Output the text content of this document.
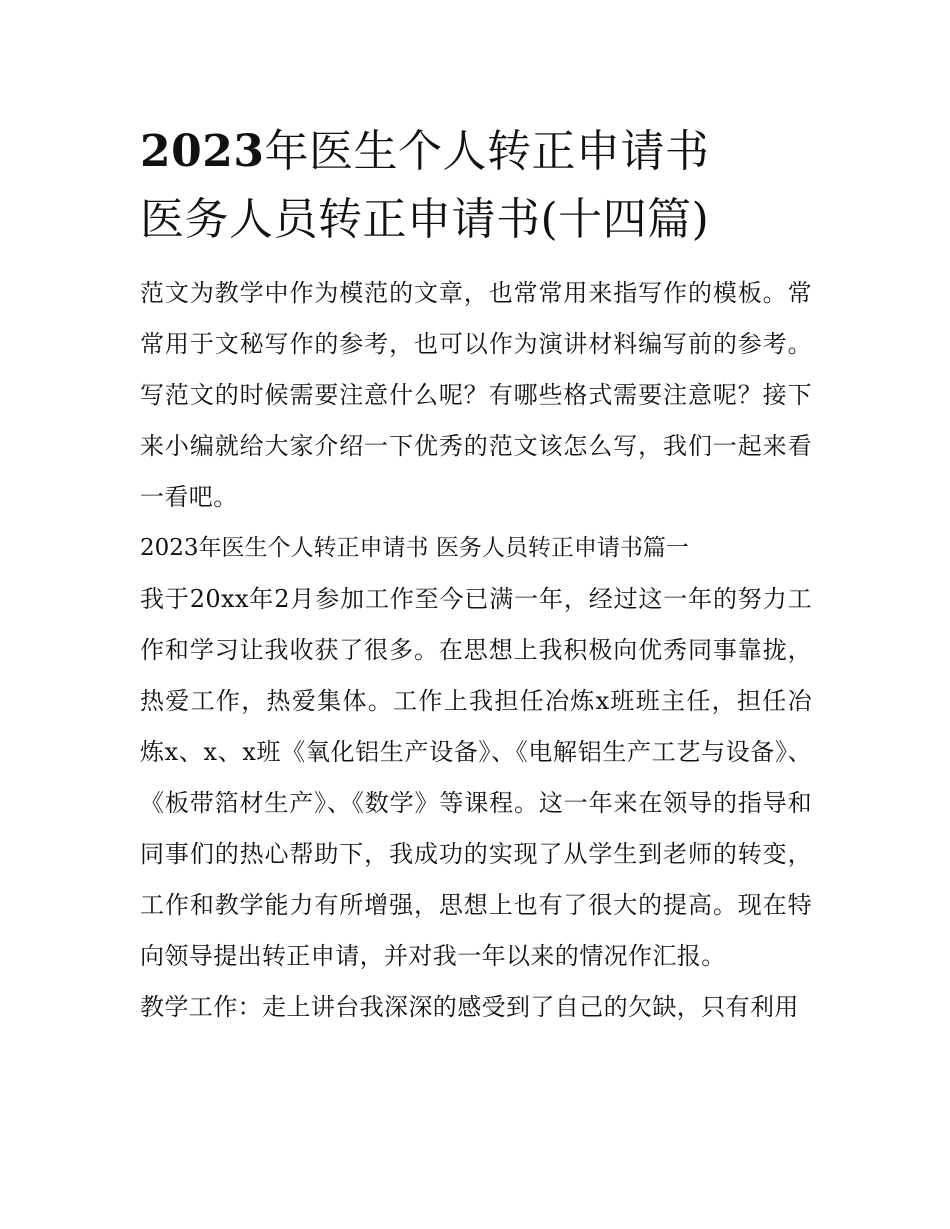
2023年医生个人转正申请书
医务人员转正申请书(十四篇)

范文为教学中作为模范的文章，也常常用来指写作的模板。常常用于文秘写作的参考，也可以作为演讲材料编写前的参考。写范文的时候需要注意什么呢？有哪些格式需要注意呢？接下来小编就给大家介绍一下优秀的范文该怎么写，我们一起来看一看吧。

2023年医生个人转正申请书 医务人员转正申请书篇一

我于20xx年2月参加工作至今已满一年，经过这一年的努力工作和学习让我收获了很多。在思想上我积极向优秀同事靠拢，热爱工作，热爱集体。工作上我担任冶炼x班班主任，担任冶炼x、x、x班《氧化铝生产设备》、《电解铝生产工艺与设备》、《板带箔材生产》、《数学》等课程。这一年来在领导的指导和同事们的热心帮助下，我成功的实现了从学生到老师的转变，工作和教学能力有所增强，思想上也有了很大的提高。现在特向领导提出转正申请，并对我一年以来的情况作汇报。

教学工作：走上讲台我深深的感受到了自己的欠缺，只有利用
